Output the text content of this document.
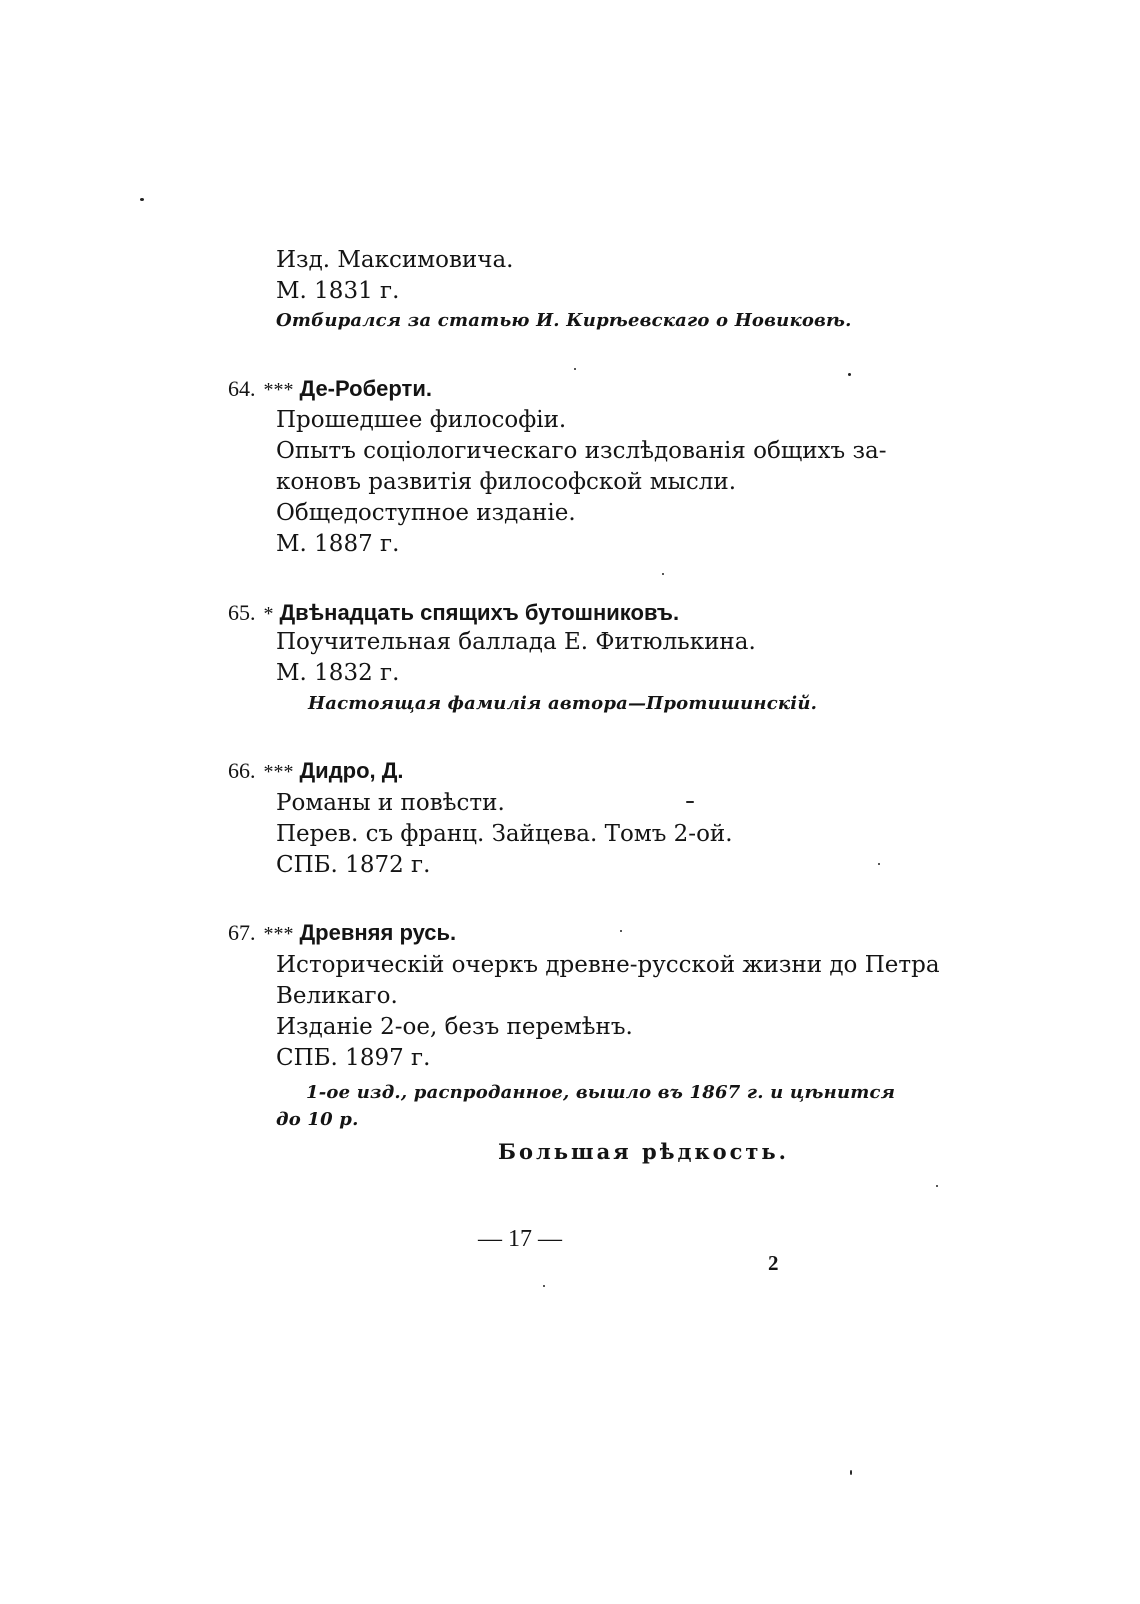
Изд. Максимовича.
М. 1831 г.
Отбирался за статью И. Кирѣевскаго о Новиковѣ.
64. *** Де-Роберти.
Прошедшее философіи.
Опытъ соціологическаго изслѣдованія общихъ за-
коновъ развитія философской мысли.
Общедоступное изданіе.
М. 1887 г.
65. * Двѣнадцать спящихъ бутошниковъ.
Поучительная баллада Е. Фитюлькина.
М. 1832 г.
Настоящая фамилія автора—Протишинскій.
66. *** Дидро, Д.
Романы и повѣсти.
Перев. съ франц. Зайцева. Томъ 2-ой.
СПБ. 1872 г.
67. *** Древняя русь.
Историческій очеркъ древне-русской жизни до Петра
Великаго.
Изданіе 2-ое, безъ перемѣнъ.
СПБ. 1897 г.
1-ое изд., распроданное, вышло въ 1867 г. и цѣнится
до 10 р.
Большая рѣдкость.
— 17 —
2
